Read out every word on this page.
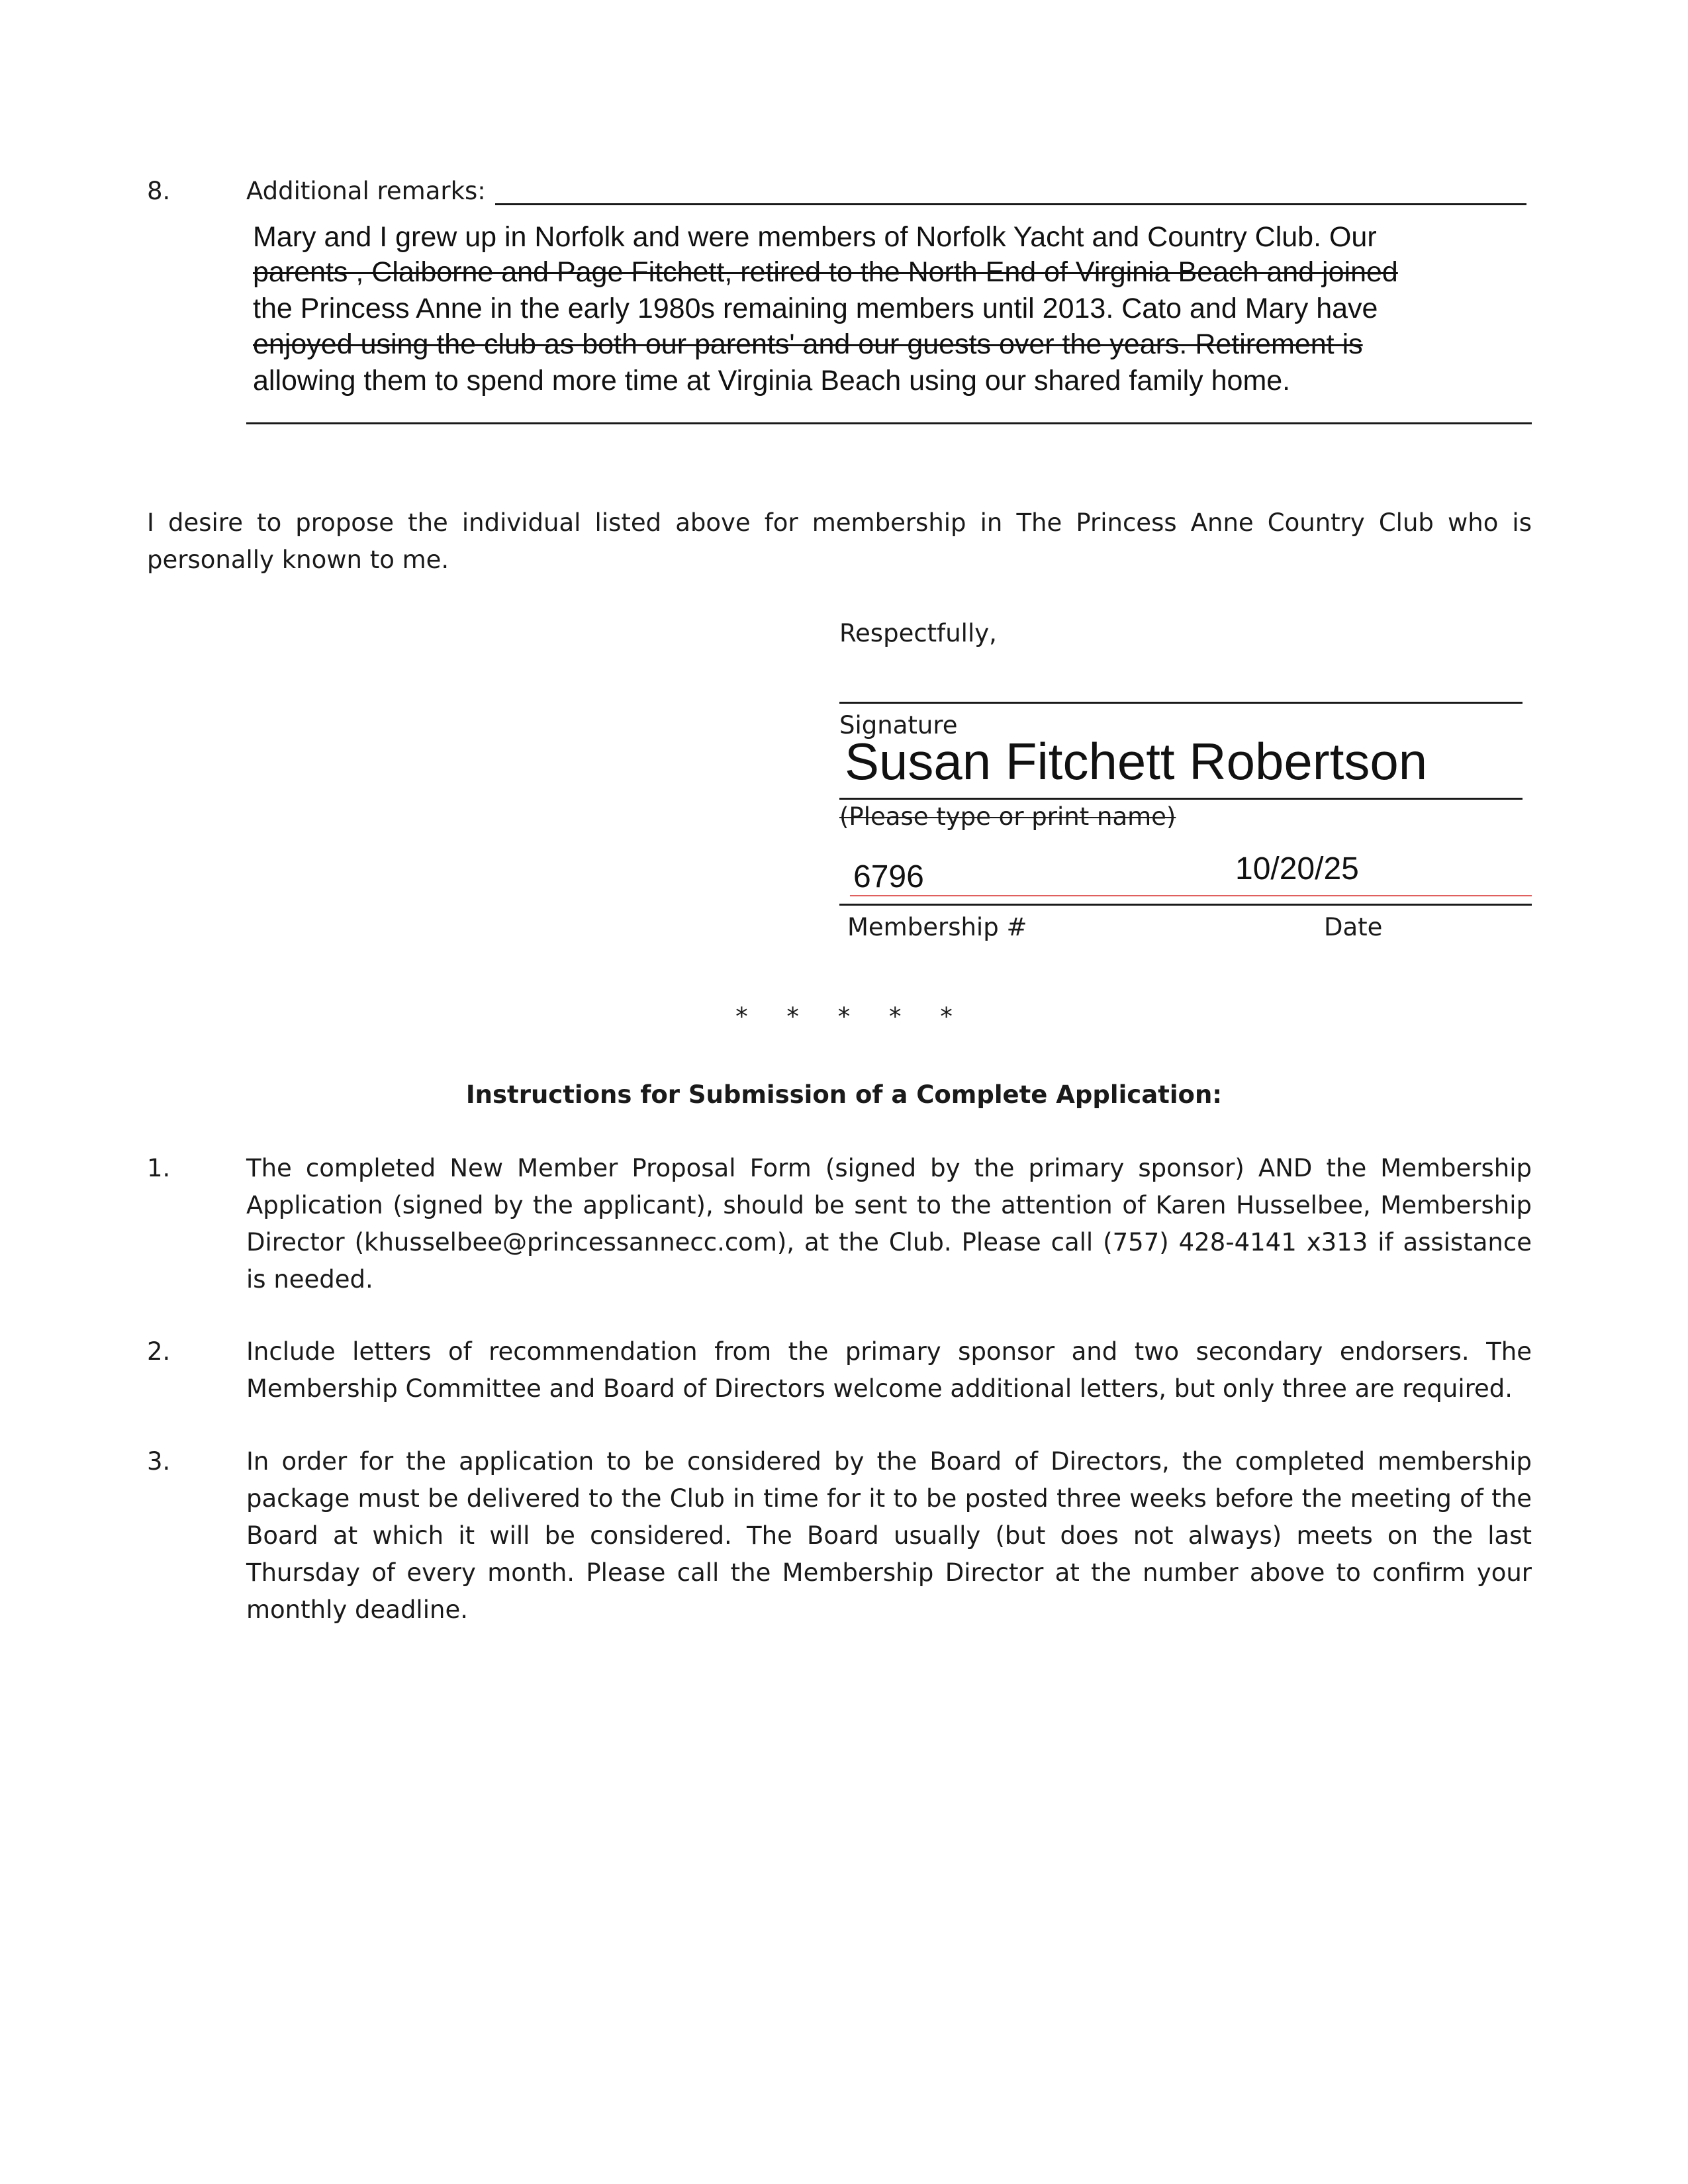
8.	Additional remarks:
Mary and I grew up in Norfolk and were members of Norfolk Yacht and Country Club. Our
parents , Claiborne and Page Fitchett, retired to the North End of Virginia Beach and joined
the Princess Anne in the early 1980s remaining members until 2013. Cato and Mary have
enjoyed using the club as both our parents' and our guests over the years. Retirement is
allowing them to spend more time at Virginia Beach using our shared family home.
I desire to propose the individual listed above for membership in The Princess Anne Country Club who is personally known to me.
Respectfully,
Signature
Susan Fitchett Robertson
(Please type or print name)
6796	10/20/25
Membership #	Date
*     *     *     *     *
Instructions for Submission of a Complete Application:
1.	The completed New Member Proposal Form (signed by the primary sponsor) AND the Membership Application (signed by the applicant), should be sent to the attention of Karen Husselbee, Membership Director (khusselbee@princessannecc.com), at the Club. Please call (757) 428-4141 x313 if assistance is needed.
2.	Include letters of recommendation from the primary sponsor and two secondary endorsers. The Membership Committee and Board of Directors welcome additional letters, but only three are required.
3.	In order for the application to be considered by the Board of Directors, the completed membership package must be delivered to the Club in time for it to be posted three weeks before the meeting of the Board at which it will be considered. The Board usually (but does not always) meets on the last Thursday of every month. Please call the Membership Director at the number above to confirm your monthly deadline.
